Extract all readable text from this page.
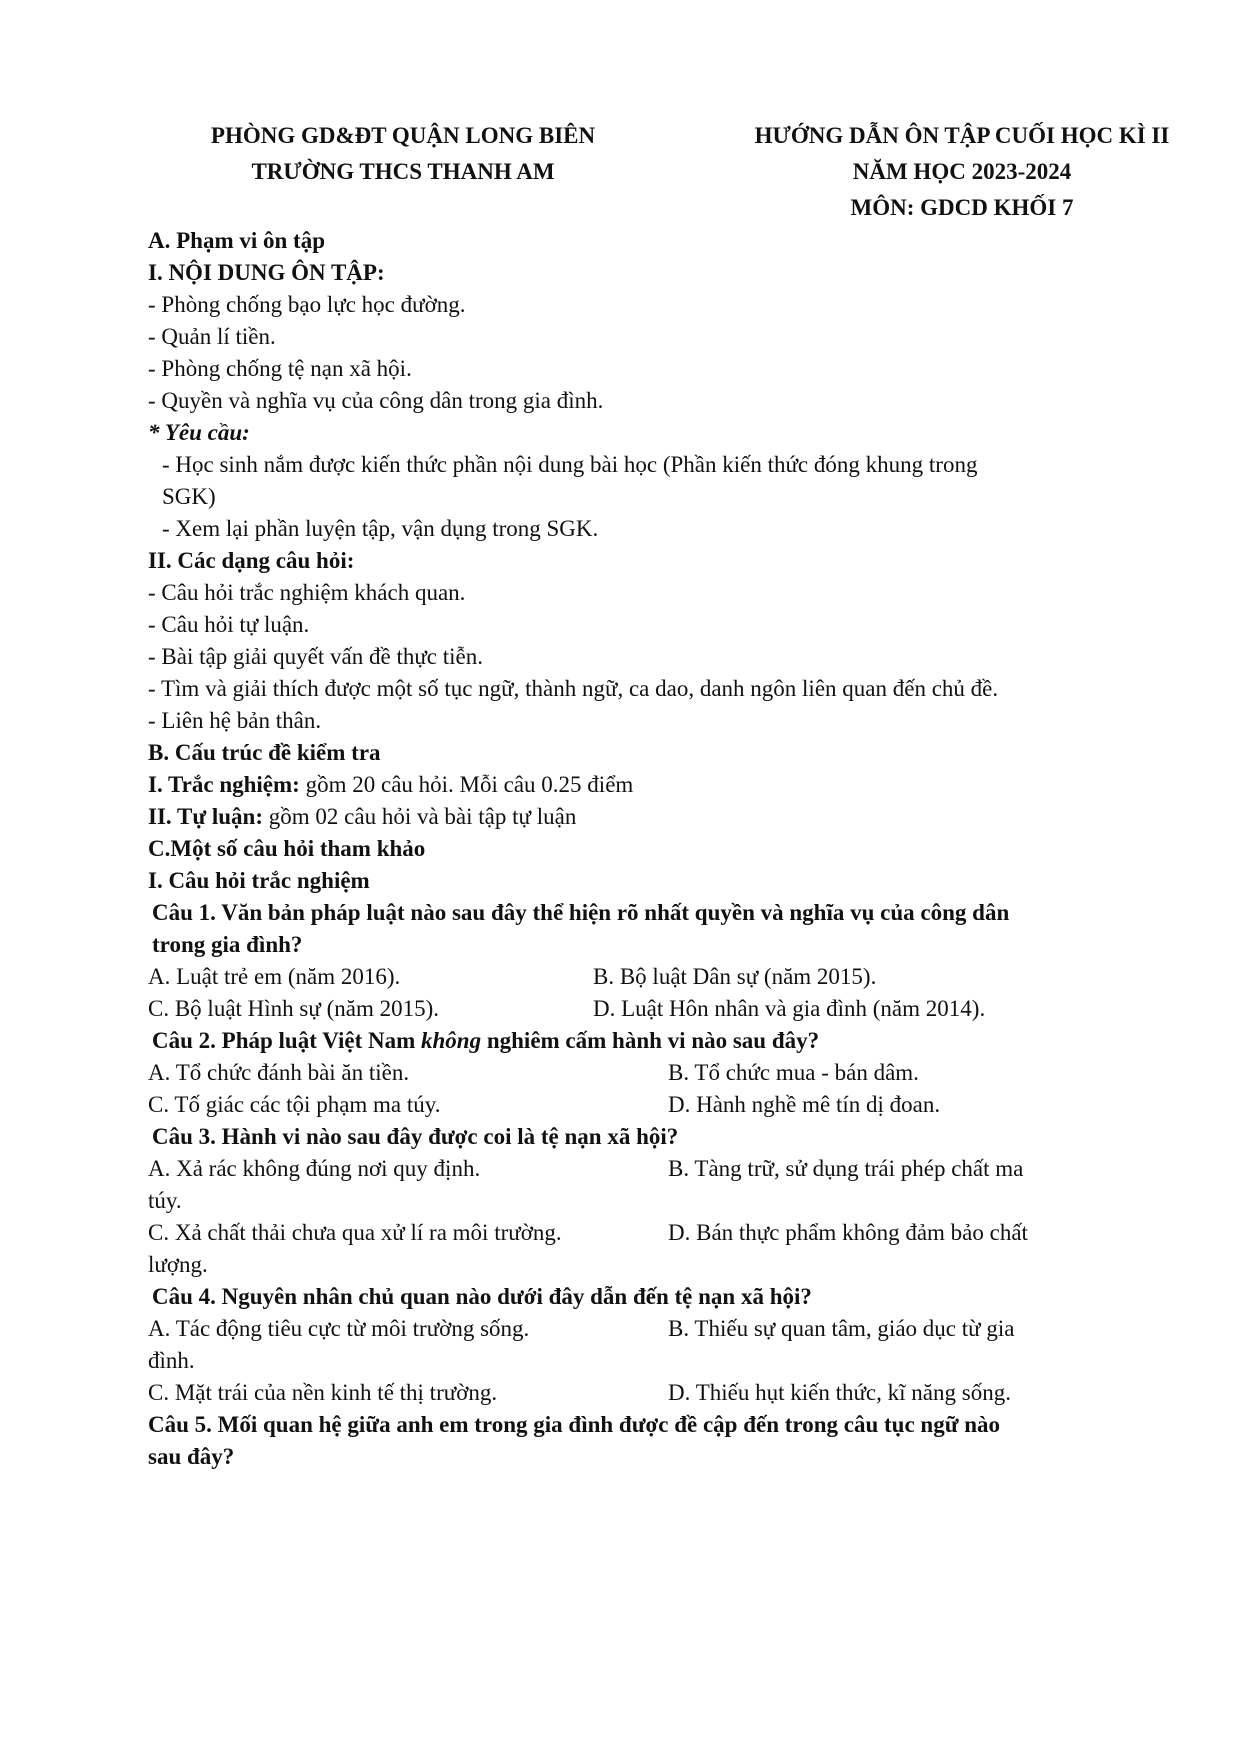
PHÒNG GD&ĐT QUẬN LONG BIÊN
TRƯỜNG THCS THANH AM
HƯỚNG DẪN ÔN TẬP CUỐI HỌC KÌ II
NĂM HỌC 2023-2024
MÔN: GDCD KHỐI 7

A. Phạm vi ôn tập

I. NỘI DUNG ÔN TẬP:

- Phòng chống bạo lực học đường.

- Quản lí tiền.

- Phòng chống tệ nạn xã hội.

- Quyền và nghĩa vụ của công dân trong gia đình.

* Yêu cầu:

- Học sinh nắm được kiến thức phần nội dung bài học (Phần kiến thức đóng khung trong SGK)

- Xem lại phần luyện tập, vận dụng trong SGK.

II. Các dạng câu hỏi:

- Câu hỏi trắc nghiệm khách quan.

- Câu hỏi tự luận.

- Bài tập giải quyết vấn đề thực tiễn.

- Tìm và giải thích được một số tục ngữ, thành ngữ, ca dao, danh ngôn liên quan đến chủ đề.

- Liên hệ bản thân.

B. Cấu trúc đề kiểm tra

I. Trắc nghiệm: gồm 20 câu hỏi. Mỗi câu 0.25 điểm

II. Tự luận: gồm 02 câu hỏi và bài tập tự luận

C.Một số câu hỏi tham khảo

I. Câu hỏi trắc nghiệm

Câu 1. Văn bản pháp luật nào sau đây thể hiện rõ nhất quyền và nghĩa vụ của công dân trong gia đình?

A. Luật trẻ em (năm 2016).	B. Bộ luật Dân sự (năm 2015).
C. Bộ luật Hình sự (năm 2015).	D. Luật Hôn nhân và gia đình (năm 2014).

Câu 2. Pháp luật Việt Nam không nghiêm cấm hành vi nào sau đây?

A. Tổ chức đánh bài ăn tiền.	B. Tổ chức mua - bán dâm.
C. Tố giác các tội phạm ma túy.	D. Hành nghề mê tín dị đoan.

Câu 3. Hành vi nào sau đây được coi là tệ nạn xã hội?

A. Xả rác không đúng nơi quy định.	B. Tàng trữ, sử dụng trái phép chất ma

túy.

C. Xả chất thải chưa qua xử lí ra môi trường.	D. Bán thực phẩm không đảm bảo chất

lượng.

Câu 4. Nguyên nhân chủ quan nào dưới đây dẫn đến tệ nạn xã hội?

A. Tác động tiêu cực từ môi trường sống.	B. Thiếu sự quan tâm, giáo dục từ gia

đình.

C. Mặt trái của nền kinh tế thị trường.	D. Thiếu hụt kiến thức, kĩ năng sống.

Câu 5. Mối quan hệ giữa anh em trong gia đình được đề cập đến trong câu tục ngữ nào sau đây?
